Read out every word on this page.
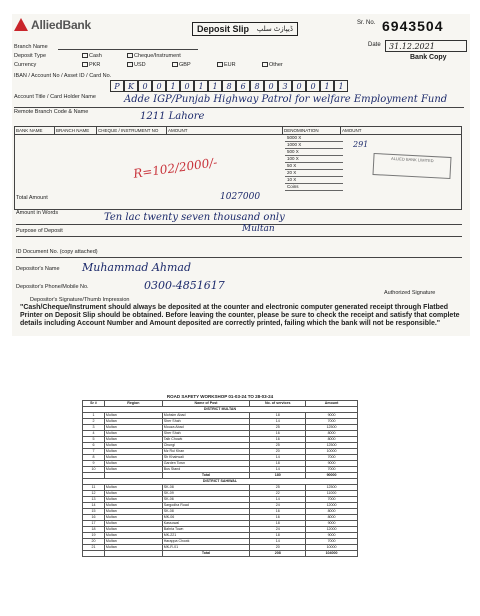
AlliedBank	Deposit Slip ڈیپازٹ سلپ
Sr. No. 6943504
Date	31.12.2021
Bank Copy
Branch Name
Deposit Type	Cash	Cheque/Instrument
Currency	PKR	USD	GBP	EUR	Other
IBAN / Account No / Asset ID / Card No.
P	K	0	0	1	0	1	1	8	6	8	0	3	0	0	1	1
Account Title / Card Holder Name	Adde IGP/Punjab Highway Patrol for welfare Employment Fund
Remote Branch Code & Name	1211 Lahore
BANK NAME	BRANCH NAME	CHEQUE / INSTRUMENT NO	AMOUNT	DENOMINATION	AMOUNT
5000 X
1000 X
500 X
100 X
50 X
20 X
10 X
Coins
291
R=102/2000/-	ALLIED BANK LIMITED
Total Amount	1027000
Amount in Words	Ten lac twenty seven thousand only
Purpose of Deposit	Multan
ID Document No. (copy attached)
Depositor's Name Muhammad Ahmad
Depositor's Phone/Mobile No.	0300-4851617
Depositor's Signature/Thumb Impression
Authorized Signature
"Cash/Cheque/Instrument should always be deposited at the counter and electronic computer generated receipt through Flatbed Printer on Deposit Slip should be obtained. Before leaving the counter, please be sure to check the receipt and satisfy that complete details including Account Number and Amount deposited are correctly printed, failing which the bank will not be responsible."
ROAD SAFETY WORKSHOP 01-03-24 TO 28-03-24
Sr #	Region	Name of Post	No. of services	Amount
DISTRICT MULTAN				
1	Multan	Mohsim Abad	18	9000
2	Multan	Sher Shah	14	7000
3	Multan	Mouza Abad	25	12500
4	Multan	Sher Shah	16	8000
5	Multan	Taib Chowk	16	8000
6	Multan	Chungi	25	12500
7	Multan	Mz Rui Khan	20	10000
8	Multan	Sh Khairwali	14	7000
9	Multan	Garden Town	18	9000
10	Multan	Bus Stand	14	7000
		Total	180	90000
DISTRICT SAHIWAL				
11	Multan	SK-08	25	12500
12	Multan	SK-09	22	11000
13	Multan	SK-06	14	7000
14	Multan	Sargodha Road	24	12000
15	Multan	SK-08	16	8000
16	Multan	MK-06	16	8000
17	Multan	Kassowal	18	9000
18	Multan	Bahria Town	24	12000
19	Multan	MK-221	18	9000
20	Multan	Harappa Chowk	14	7000
21	Multan	MK-R-01	20	10000
		Total	208	104000
